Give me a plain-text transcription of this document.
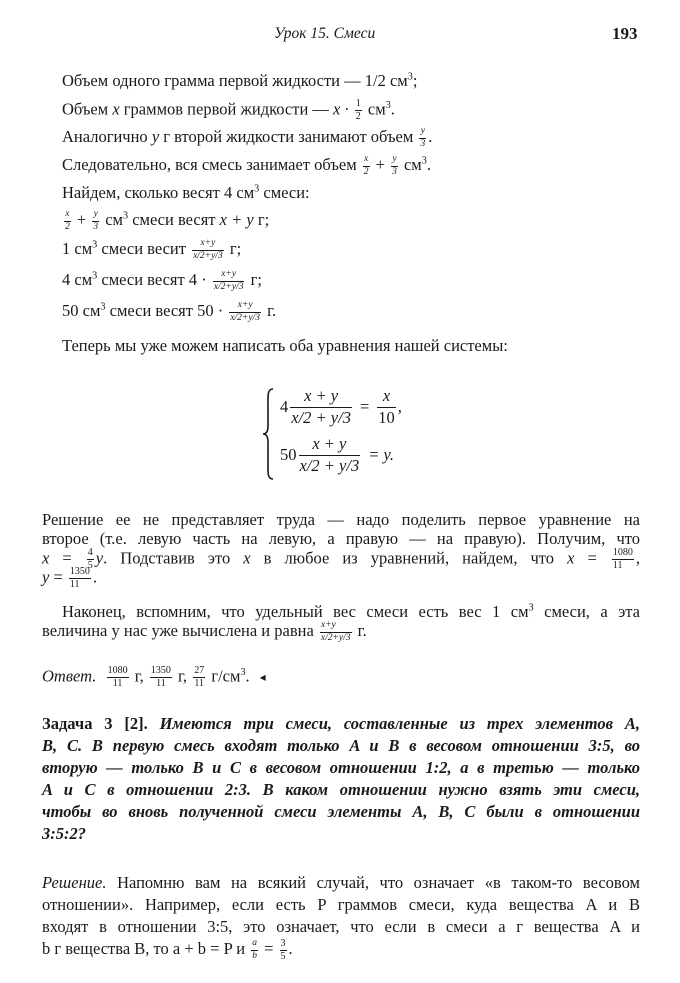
Урок 15. Смеси	193
Объем одного грамма первой жидкости — 1/2 $см^3$;
Объем x граммов первой жидкости — $x \cdot \frac{1}{2} см^3$.
Аналогично y г второй жидкости занимают объем $\frac{y}{3}$ .
Следовательно, вся смесь занимает объем $\frac{x}{2} + \frac{y}{3} см^3$.
Найдем, сколько весят 4 $см^3$ смеси:
$\frac{x}{2} + \frac{y}{3} см^3$ смеси весят x + y г;
1 $см^3$ смеси весит $\frac{x+y}{x/2+y/3} г$;
4 $см^3$ смеси весят $4 \cdot \frac{x+y}{x/2+y/3} г$;
50 $см^3$ смеси весят $50 \cdot \frac{x+y}{x/2+y/3} г$.
Теперь мы уже можем написать оба уравнения нашей системы:
$4 \frac{x + y}{x/2 + y/3} = \frac{x}{10}$ ,
$50 \frac{x + y}{x/2 + y/3} = y$.
Решение ее не представляет труда — надо поделить первое уравнение на
второе (т.е. левую часть на левую, а правую — на правую). Получим, что
$x = \frac{4}{5} y$. Подставив это x в любое из уравнений, найдем, что $x = \frac{1080}{11}$ ,
$y = \frac{1350}{11}$ .
Наконец, вспомним, что удельный вес смеси есть вес 1 $см^3$ смеси, а эта
величина у нас уже вычислена и равна $\frac{x+y}{x/2+y/3} г$.
Ответ. $\frac{1080}{11} г$, $\frac{1350}{11} г$, $\frac{27}{11} г/см^3$. ◂
Задача 3 [2]. Имеются три смеси, составленные из трех элементов A,
B, C. В первую смесь входят только A и B в весовом отношении 3:5, во
вторую — только B и C в весовом отношении 1:2, а в третью — только
A и C в отношении 2:3. В каком отношении нужно взять эти смеси,
чтобы во вновь полученной смеси элементы A, B, C были в отношении
3:5:2?
Решение. Напомню вам на всякий случай, что означает «в таком-то весовом
отношении». Например, если есть P граммов смеси, куда вещества A и B
входят в отношении 3:5, это означает, что если в смеси a г вещества A и
b г вещества B, то a + b = P и $\frac{a}{b} = \frac{3}{5}$ .
